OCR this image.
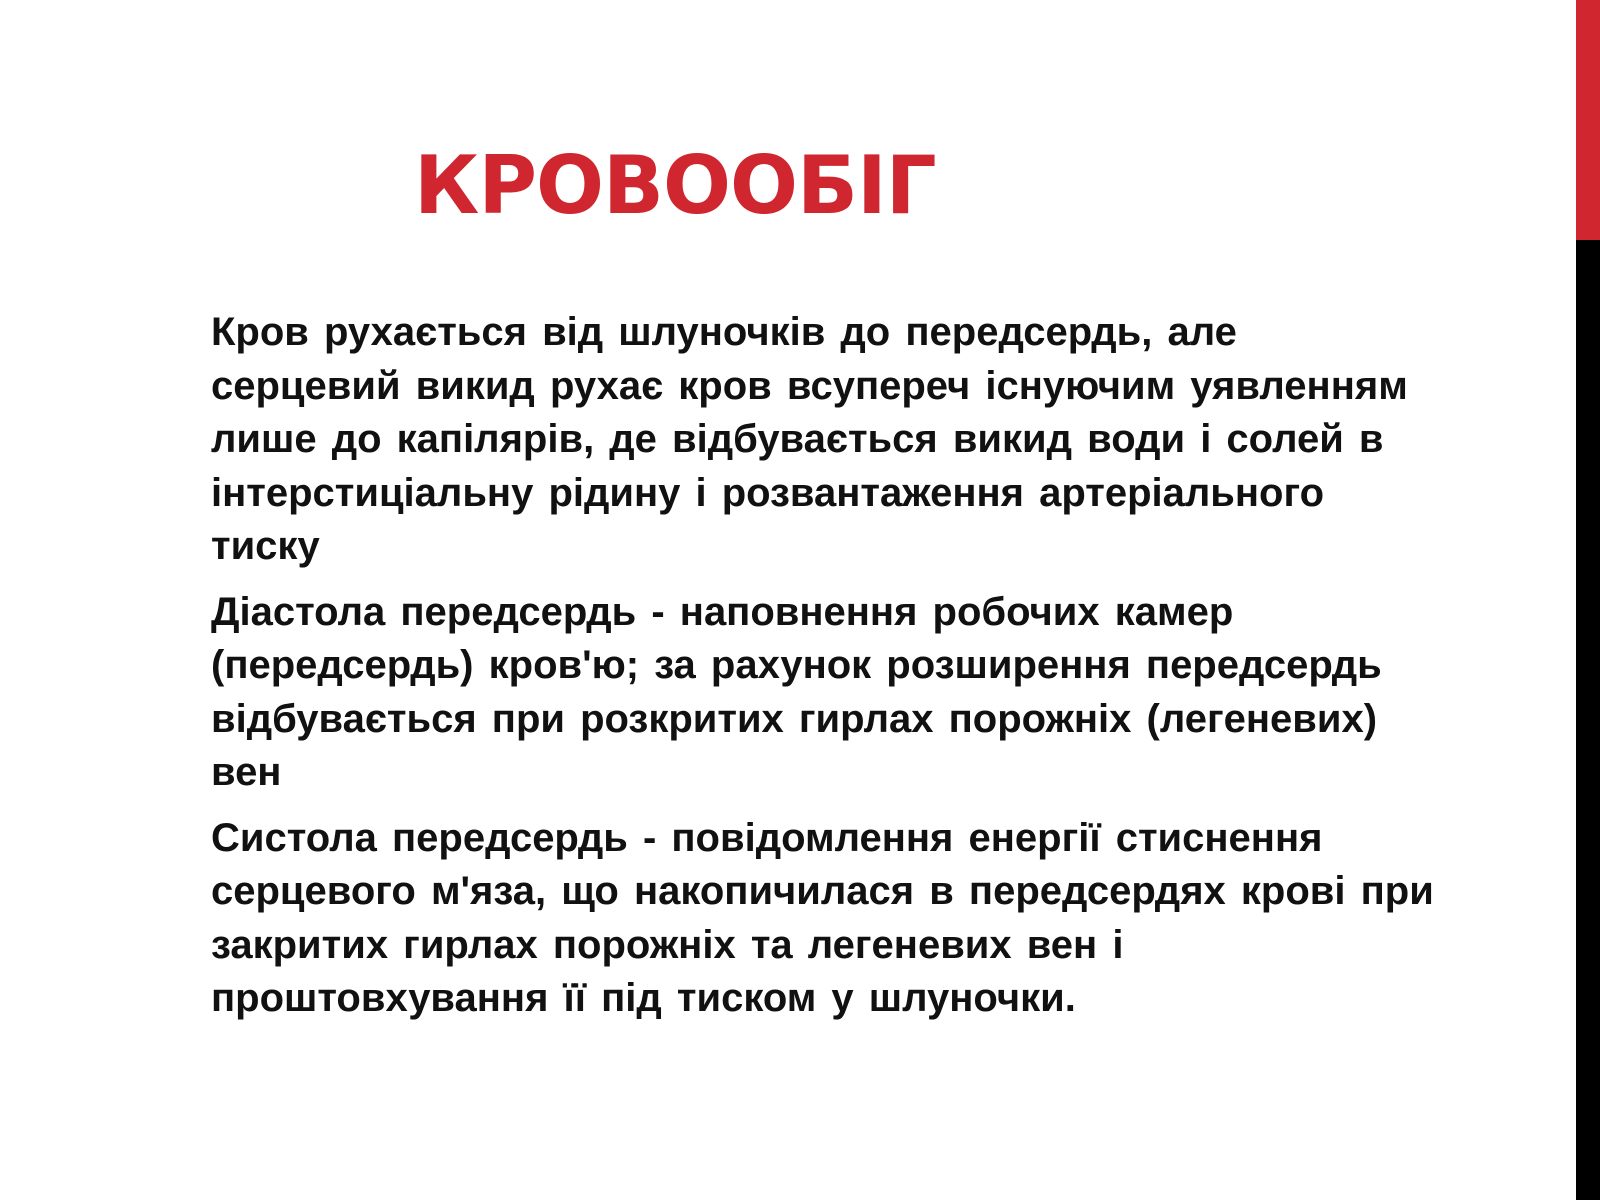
КРОВООБІГ

Кров рухається від шлуночків до передсердь, але
серцевий викид рухає кров всупереч існуючим уявленням
лише до капілярів, де відбувається викид води і солей в
інтерстиціальну рідину і розвантаження артеріального
тиску

Діастола передсердь - наповнення робочих камер
(передсердь) кров'ю; за рахунок розширення передсердь
відбувається при розкритих гирлах порожніх (легеневих)
вен

Систола передсердь - повідомлення енергії стиснення
серцевого м'яза, що накопичилася в передсердях крові при
закритих гирлах порожніх та легеневих вен і
проштовхування її під тиском у шлуночки.
